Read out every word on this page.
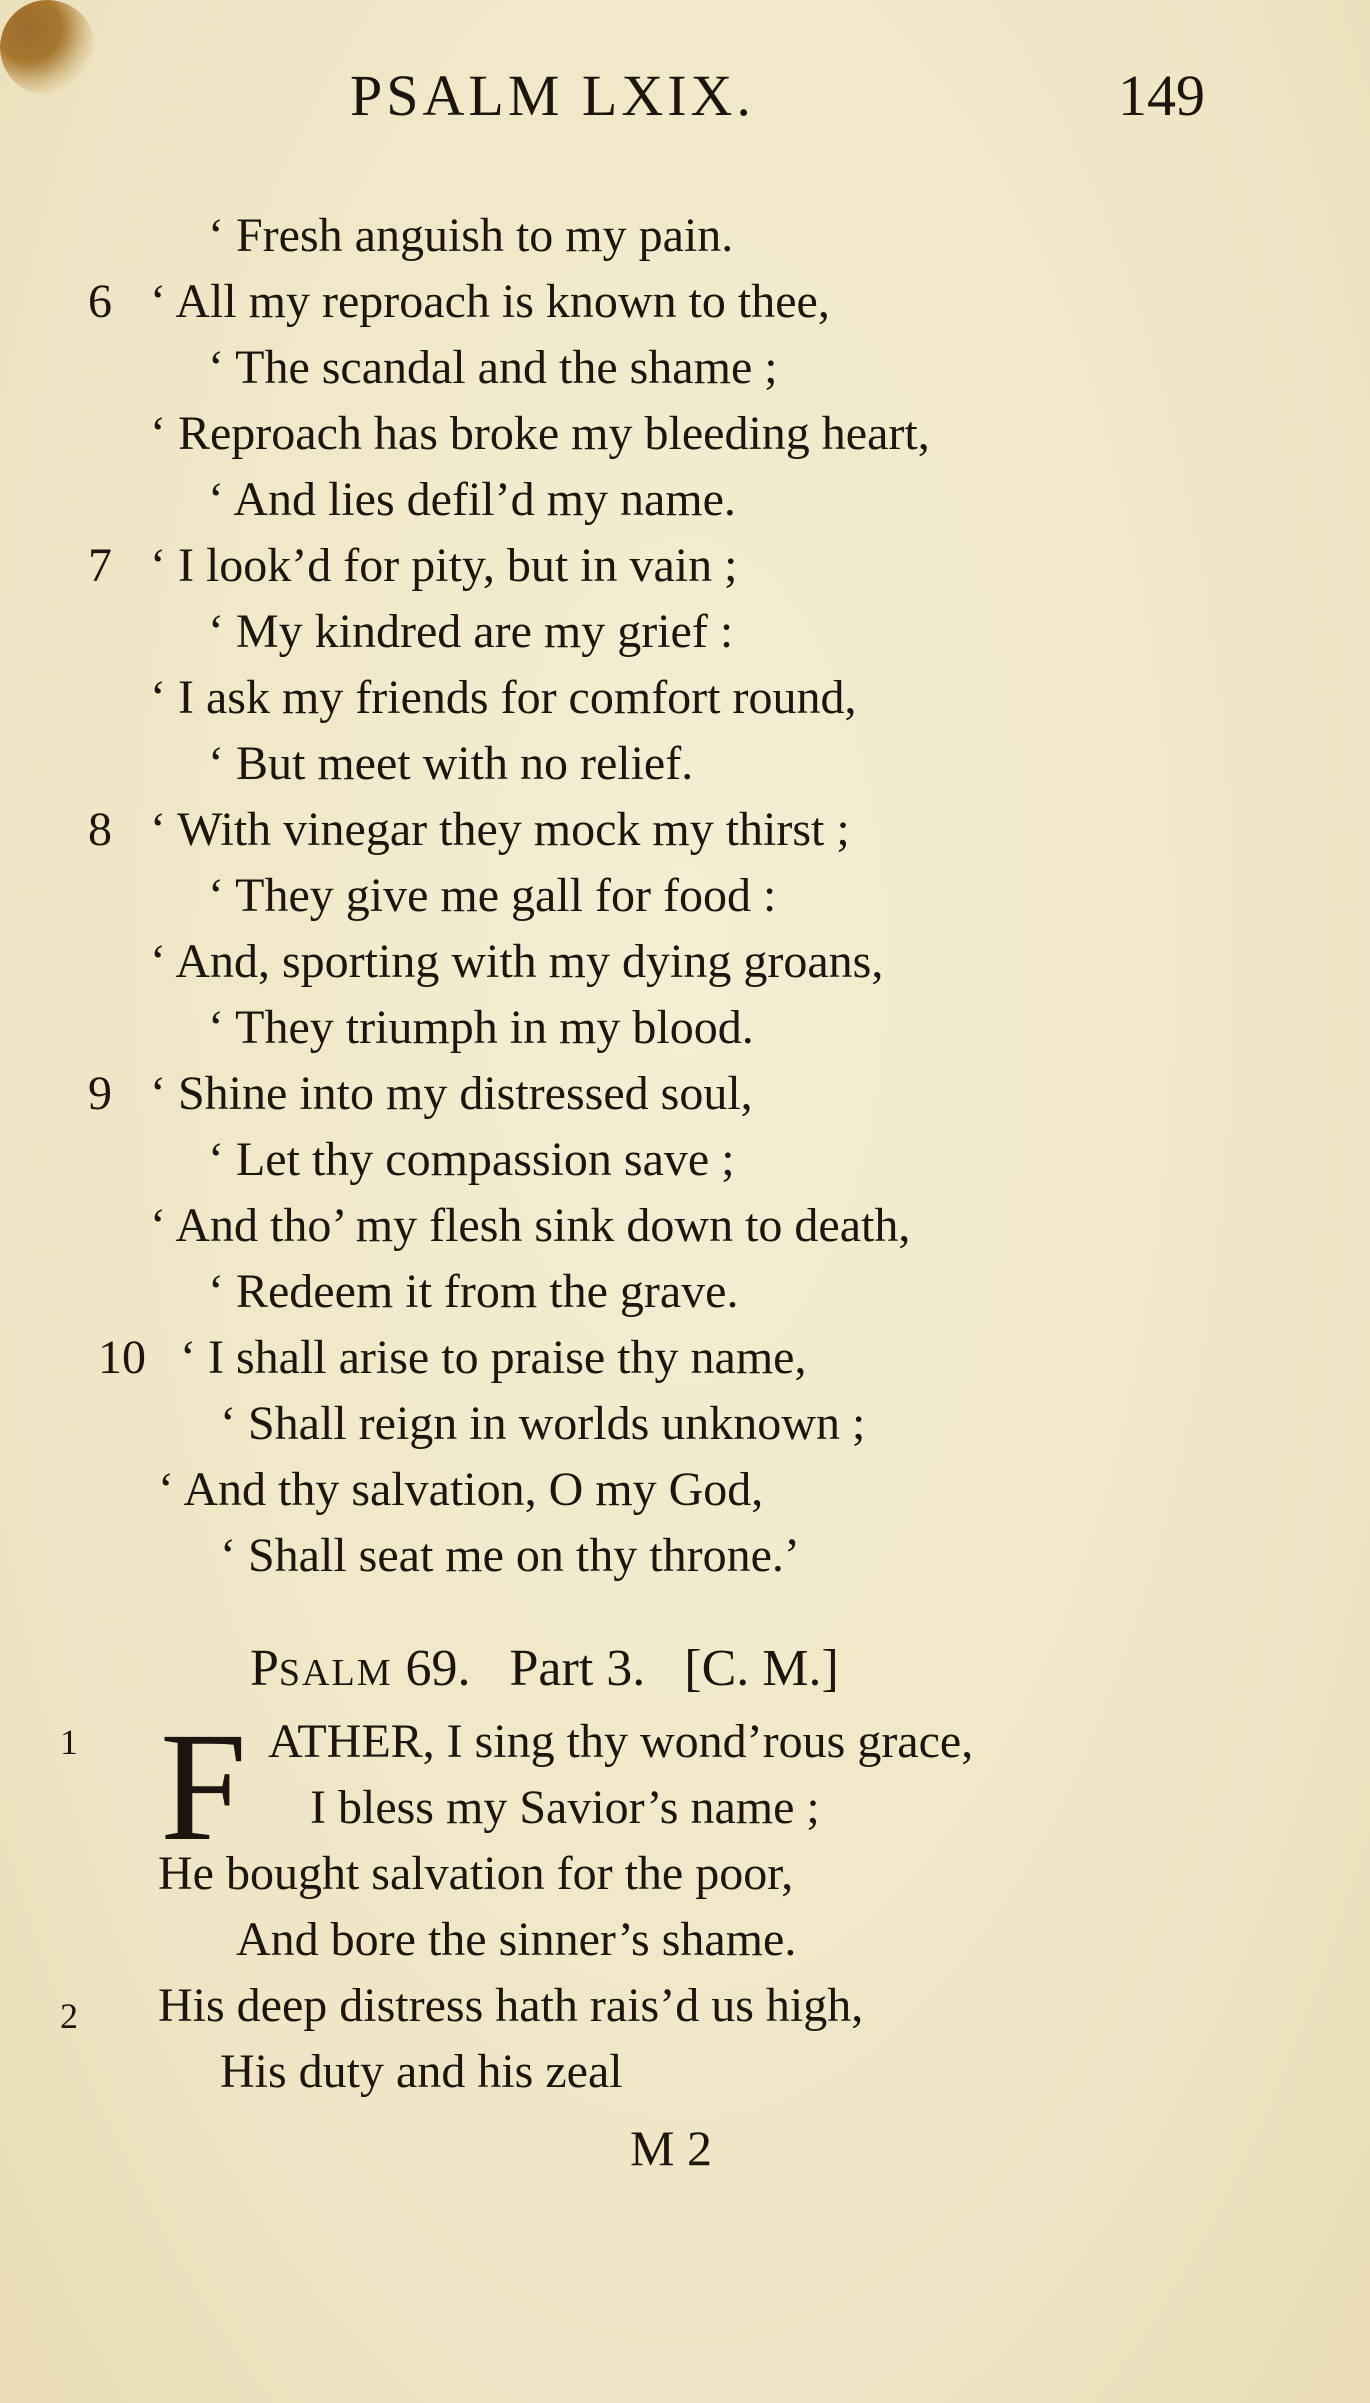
PSALM LXIX.	149
‘ Fresh anguish to my pain.
6 ‘ All my reproach is known to thee,
‘ The scandal and the shame ;
‘ Reproach has broke my bleeding heart,
‘ And lies defil’d my name.
7 ‘ I look’d for pity, but in vain ;
‘ My kindred are my grief :
‘ I ask my friends for comfort round,
‘ But meet with no relief.
8 ‘ With vinegar they mock my thirst ;
‘ They give me gall for food :
‘ And, sporting with my dying groans,
‘ They triumph in my blood.
9 ‘ Shine into my distressed soul,
‘ Let thy compassion save ;
‘ And tho’ my flesh sink down to death,
‘ Redeem it from the grave.
10 ‘ I shall arise to praise thy name,
‘ Shall reign in worlds unknown ;
‘ And thy salvation, O my God,
‘ Shall seat me on thy throne.’
PSALM 69. Part 3. [C. M.]
1 F ATHER, I sing thy wond’rous grace,
I bless my Savior’s name ;
He bought salvation for the poor,
And bore the sinner’s shame.
2 His deep distress hath rais’d us high,
His duty and his zeal
M 2
